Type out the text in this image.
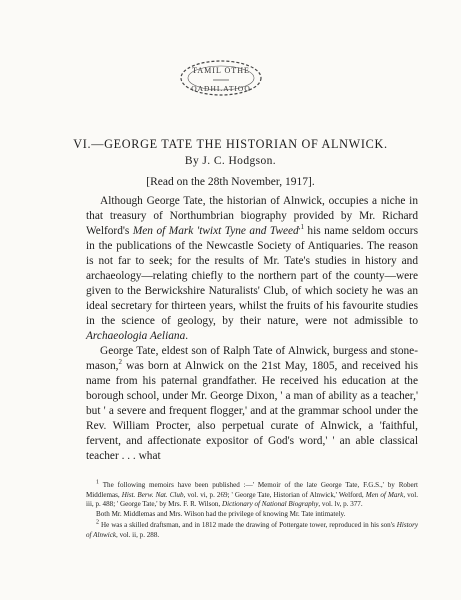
TAMIL OTHE
OADHI.ATIOO
VI.—GEORGE TATE THE HISTORIAN OF ALNWICK.
By J. C. Hodgson.
[Read on the 28th November, 1917].

Although George Tate, the historian of Alnwick, occupies a niche in that treasury of Northumbrian biography provided by Mr. Richard Welford's Men of Mark 'twixt Tyne and Tweed$^{,1}$ his name seldom occurs in the publications of the Newcastle Society of Antiquaries. The reason is not far to seek; for the results of Mr. Tate's studies in history and archaeology—relating chiefly to the northern part of the county—were given to the Berwickshire Naturalists' Club, of which society he was an ideal secretary for thirteen years, whilst the fruits of his favourite studies in the science of geology, by their nature, were not admissible to Archaeologia Aeliana.

George Tate, eldest son of Ralph Tate of Alnwick, burgess and stone-mason,$^2$ was born at Alnwick on the 21st May, 1805, and received his name from his paternal grandfather. He received his education at the borough school, under Mr. George Dixon, ' a man of ability as a teacher,' but ' a severe and frequent flogger,' and at the grammar school under the Rev. William Procter, also perpetual curate of Alnwick, a 'faithful, fervent, and affectionate expositor of God's word,' ' an able classical teacher . . . what

$^1$ The following memoirs have been published :—' Memoir of the late George Tate, F.G.S.,' by Robert Middlemas, Hist. Berw. Nat. Club, vol. vi, p. 269; ' George Tate, Historian of Alnwick,' Welford, Men of Mark, vol. iii, p. 488; ' George Tate,' by Mrs. F. R. Wilson, Dictionary of National Biography, vol. lv, p. 377.

Both Mr. Middlemas and Mrs. Wilson had the privilege of knowing Mr. Tate intimately.

$^2$ He was a skilled draftsman, and in 1812 made the drawing of Pottergate tower, reproduced in his son's History of Alnwick, vol. ii, p. 288.
